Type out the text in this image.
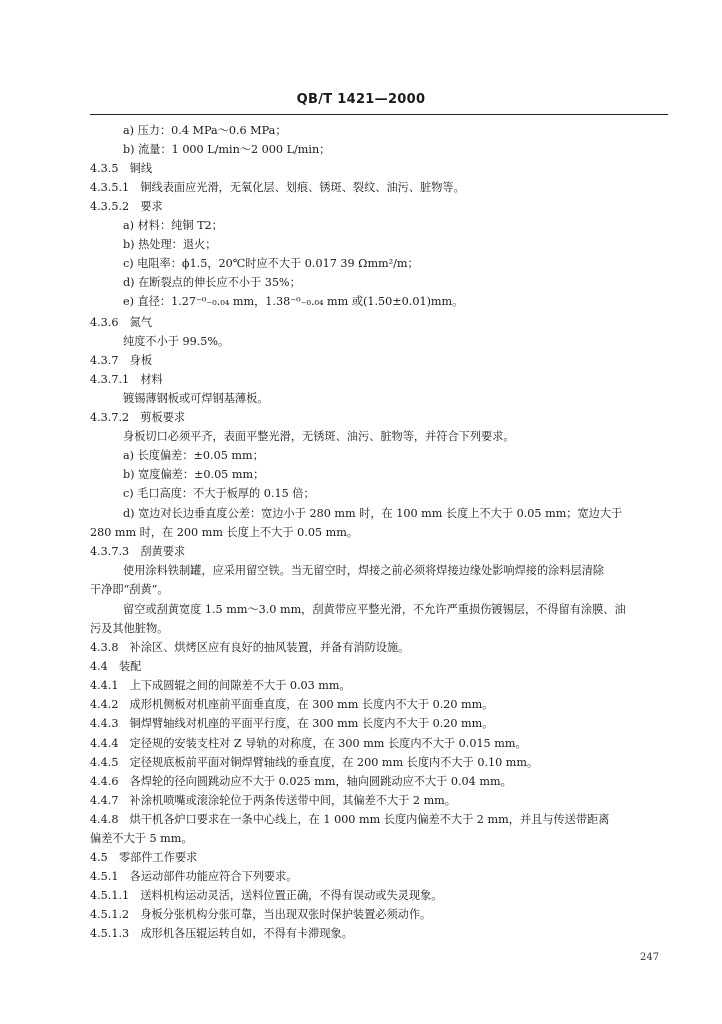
QB/T 1421—2000
a) 压力：0.4 MPa～0.6 MPa；
b) 流量：1 000 L/min～2 000 L/min；
4.3.5　铜线
4.3.5.1　铜线表面应光滑，无氧化层、划痕、锈斑、裂纹、油污、脏物等。
4.3.5.2　要求
a) 材料：纯铜 T2；
b) 热处理：退火；
c) 电阻率：ϕ1.5，20℃时应不大于 0.017 39 Ωmm²/m；
d) 在断裂点的伸长应不小于 35%；
e) 直径：1.27⁻⁰₋₀.₀₄ mm，1.38⁻⁰₋₀.₀₄ mm 或(1.50±0.01)mm。
4.3.6　氮气
纯度不小于 99.5%。
4.3.7　身板
4.3.7.1　材料
镀锡薄钢板或可焊钢基薄板。
4.3.7.2　剪板要求
身板切口必须平齐，表面平整光滑，无锈斑、油污、脏物等，并符合下列要求。
a) 长度偏差：±0.05 mm；
b) 宽度偏差：±0.05 mm；
c) 毛口高度：不大于板厚的 0.15 倍；
d) 宽边对长边垂直度公差：宽边小于 280 mm 时，在 100 mm 长度上不大于 0.05 mm；宽边大于
280 mm 时，在 200 mm 长度上不大于 0.05 mm。
4.3.7.3　刮黄要求
使用涂料铁制罐，应采用留空铁。当无留空时，焊接之前必须将焊接边缘处影响焊接的涂料层清除
干净即“刮黄”。
留空或刮黄宽度 1.5 mm～3.0 mm，刮黄带应平整光滑，不允许严重损伤镀锡层，不得留有涂膜、油
污及其他脏物。
4.3.8　补涂区、烘烤区应有良好的抽风装置，并备有消防设施。
4.4　装配
4.4.1　上下成圆辊之间的间隙差不大于 0.03 mm。
4.4.2　成形机侧板对机座前平面垂直度，在 300 mm 长度内不大于 0.20 mm。
4.4.3　铜焊臂轴线对机座的平面平行度，在 300 mm 长度内不大于 0.20 mm。
4.4.4　定径规的安装支柱对 Z 导轨的对称度，在 300 mm 长度内不大于 0.015 mm。
4.4.5　定径规底板前平面对铜焊臂轴线的垂直度，在 200 mm 长度内不大于 0.10 mm。
4.4.6　各焊轮的径向圆跳动应不大于 0.025 mm，轴向圆跳动应不大于 0.04 mm。
4.4.7　补涂机喷嘴或滚涂轮位于两条传送带中间，其偏差不大于 2 mm。
4.4.8　烘干机各炉口要求在一条中心线上，在 1 000 mm 长度内偏差不大于 2 mm，并且与传送带距离
偏差不大于 5 mm。
4.5　零部件工作要求
4.5.1　各运动部件功能应符合下列要求。
4.5.1.1　送料机构运动灵活，送料位置正确，不得有误动或失灵现象。
4.5.1.2　身板分张机构分张可靠，当出现双张时保护装置必须动作。
4.5.1.3　成形机各压辊运转自如，不得有卡滞现象。
247
